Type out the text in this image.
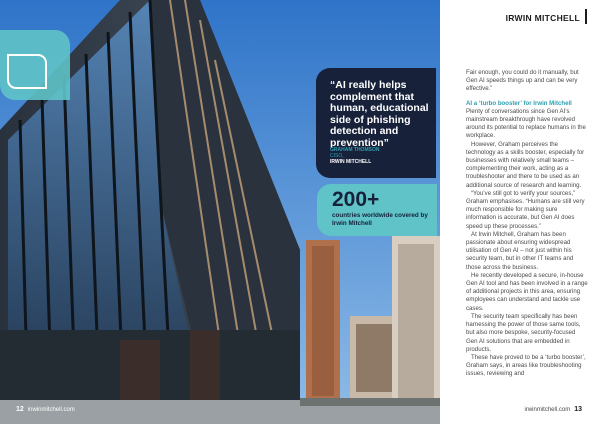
IRWIN MITCHELL
“AI really helps complement that human, educational side of phishing detection and prevention”
GRAHAM THOMSON
CISO,
IRWIN MITCHELL
200+
countries worldwide covered by Irwin Mitchell

Fair enough, you could do it manually, but Gen AI speeds things up and can be very effective.”

AI a ‘turbo booster’ for Irwin Mitchell

Plenty of conversations since Gen AI’s mainstream breakthrough have revolved around its potential to replace humans in the workplace.

However, Graham perceives the technology as a skills booster, especially for businesses with relatively small teams – complementing their work, acting as a troubleshooter and there to be used as an additional source of research and learning.

“You’ve still got to verify your sources,” Graham emphasises. “Humans are still very much responsible for making sure information is accurate, but Gen AI does speed up these processes.”

At Irwin Mitchell, Graham has been passionate about ensuring widespread utilisation of Gen AI – not just within his security team, but in other IT teams and those across the business.

He recently developed a secure, in-house Gen AI tool and has been involved in a range of additional projects in this area, ensuring employees can understand and tackle use cases.

The security team specifically has been harnessing the power of those same tools, but also more bespoke, security-focused Gen AI solutions that are embedded in products.

These have proved to be a ‘turbo booster’, Graham says, in areas like troubleshooting issues, reviewing and

12 inwinmitchell.com	irwinmitchell.com 13
